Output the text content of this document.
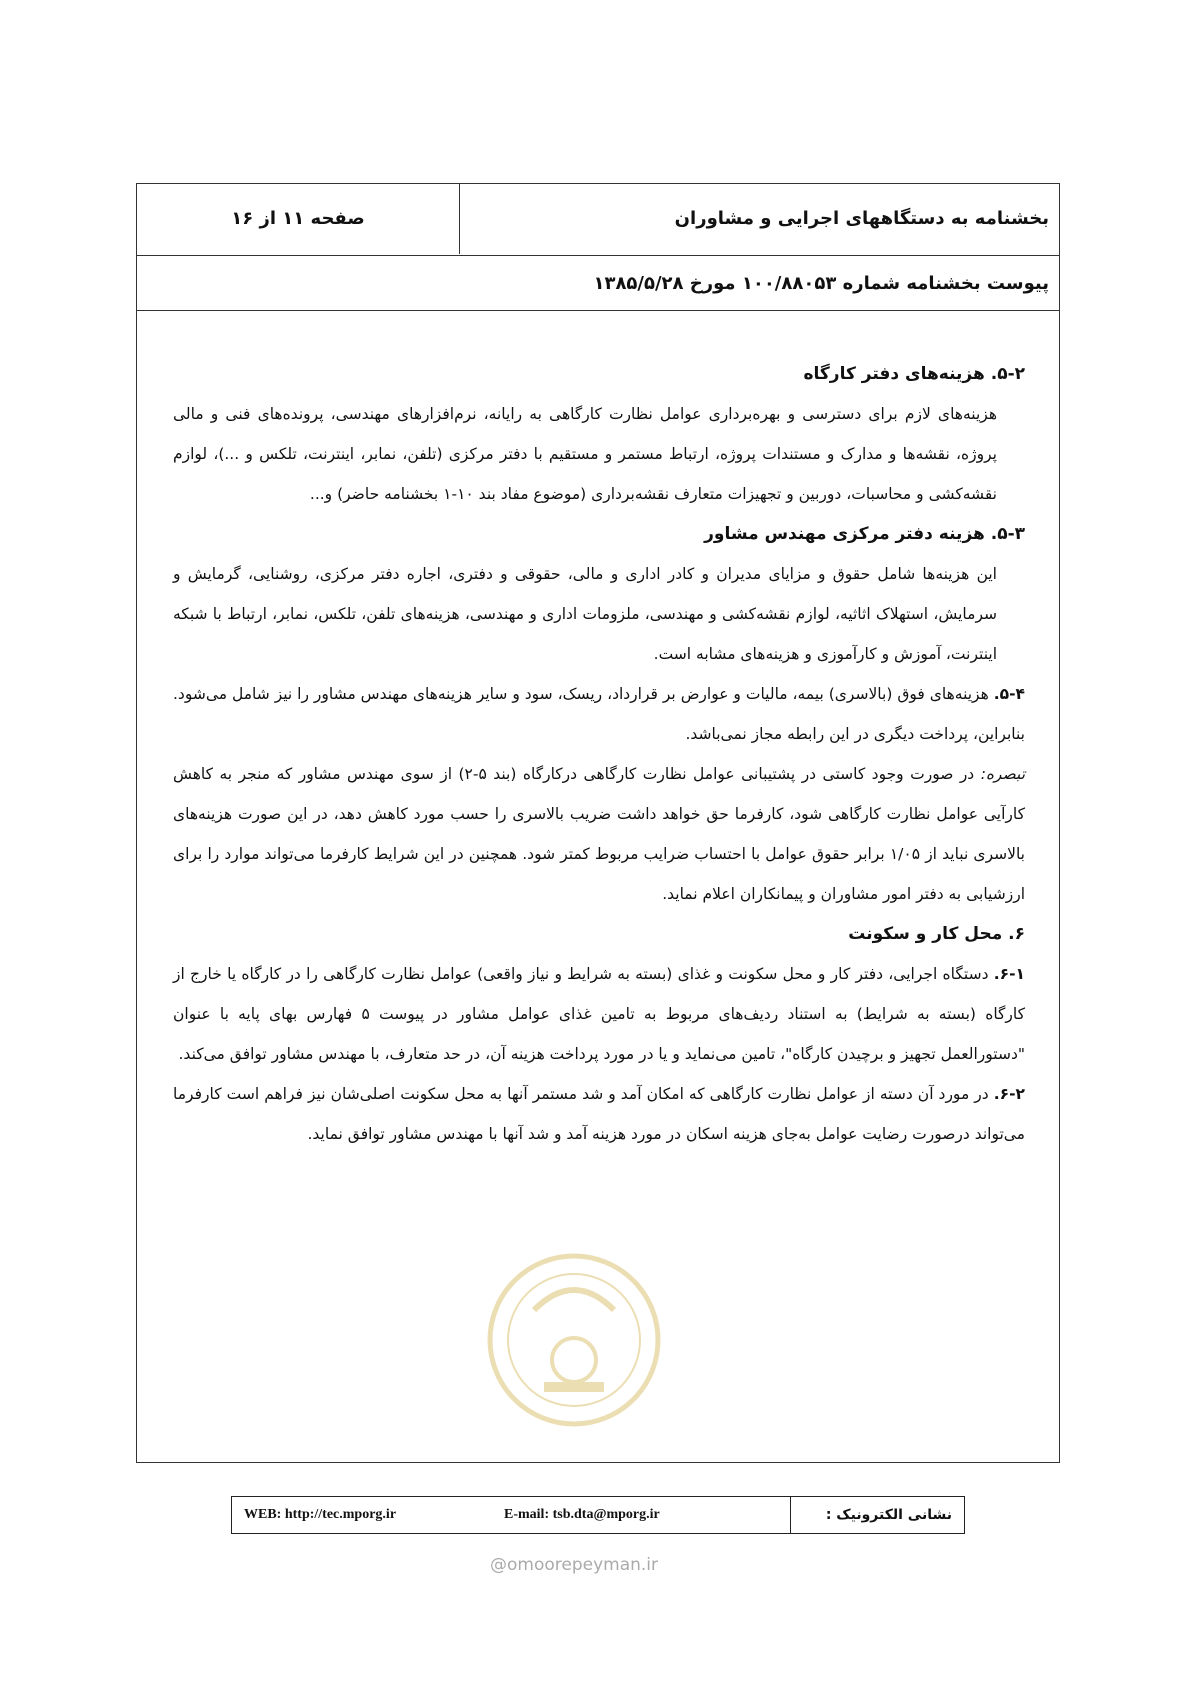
بخشنامه به دستگاههای اجرایی و مشاوران
صفحه ۱۱ از ۱۶
پیوست بخشنامه شماره ۱۰۰/۸۸۰۵۳ مورخ ۱۳۸۵/۵/۲۸

۵-۲. هزینه‌های دفتر کارگاه

هزینه‌های لازم برای دسترسی و بهره‌برداری عوامل نظارت کارگاهی به رایانه، نرم‌افزارهای مهندسی، پرونده‌های فنی و مالی پروژه، نقشه‌ها و مدارک و مستندات پروژه، ارتباط مستمر و مستقیم با دفتر مرکزی (تلفن، نمابر، اینترنت، تلکس و ...)، لوازم نقشه‌کشی و محاسبات، دوربین و تجهیزات متعارف نقشه‌برداری (موضوع مفاد بند ۱۰-۱ بخشنامه حاضر) و...

۵-۳. هزینه دفتر مرکزی مهندس مشاور

این هزینه‌ها شامل حقوق و مزایای مدیران و کادر اداری و مالی، حقوقی و دفتری، اجاره دفتر مرکزی، روشنایی، گرمایش و سرمایش، استهلاک اثاثیه، لوازم نقشه‌کشی و مهندسی، ملزومات اداری و مهندسی، هزینه‌های تلفن، تلکس، نمابر، ارتباط با شبکه اینترنت، آموزش و کارآموزی و هزینه‌های مشابه است.

۵-۴. هزینه‌های فوق (بالاسری) بیمه، مالیات و عوارض بر قرارداد، ریسک، سود و سایر هزینه‌های مهندس مشاور را نیز شامل می‌شود. بنابراین، پرداخت دیگری در این رابطه مجاز نمی‌باشد.

تبصره: در صورت وجود کاستی در پشتیبانی عوامل نظارت کارگاهی درکارگاه (بند ۵-۲) از سوی مهندس مشاور که منجر به کاهش کارآیی عوامل نظارت کارگاهی شود، کارفرما حق خواهد داشت ضریب بالاسری را حسب مورد کاهش دهد، در این صورت هزینه‌های بالاسری نباید از ۱/۰۵ برابر حقوق عوامل با احتساب ضرایب مربوط کمتر شود. همچنین در این شرایط کارفرما می‌تواند موارد را برای ارزشیابی به دفتر امور مشاوران و پیمانکاران اعلام نماید.

۶. محل کار و سکونت

۶-۱. دستگاه اجرایی، دفتر کار و محل سکونت و غذای (بسته به شرایط و نیاز واقعی) عوامل نظارت کارگاهی را در کارگاه یا خارج از کارگاه (بسته به شرایط) به استناد ردیف‌های مربوط به تامین غذای عوامل مشاور در پیوست ۵ فهارس بهای پایه با عنوان "دستورالعمل تجهیز و برچیدن کارگاه"، تامین می‌نماید و یا در مورد پرداخت هزینه آن، در حد متعارف، با مهندس مشاور توافق می‌کند.

۶-۲. در مورد آن دسته از عوامل نظارت کارگاهی که امکان آمد و شد مستمر آنها به محل سکونت اصلی‌شان نیز فراهم است کارفرما می‌تواند درصورت رضایت عوامل به‌جای هزینه اسکان در مورد هزینه آمد و شد آنها با مهندس مشاور توافق نماید.

@omoorepeyman.ir
WEB: http://tec.mporg.ir	E-mail: tsb.dta@mporg.ir	نشانی الکترونیک :
